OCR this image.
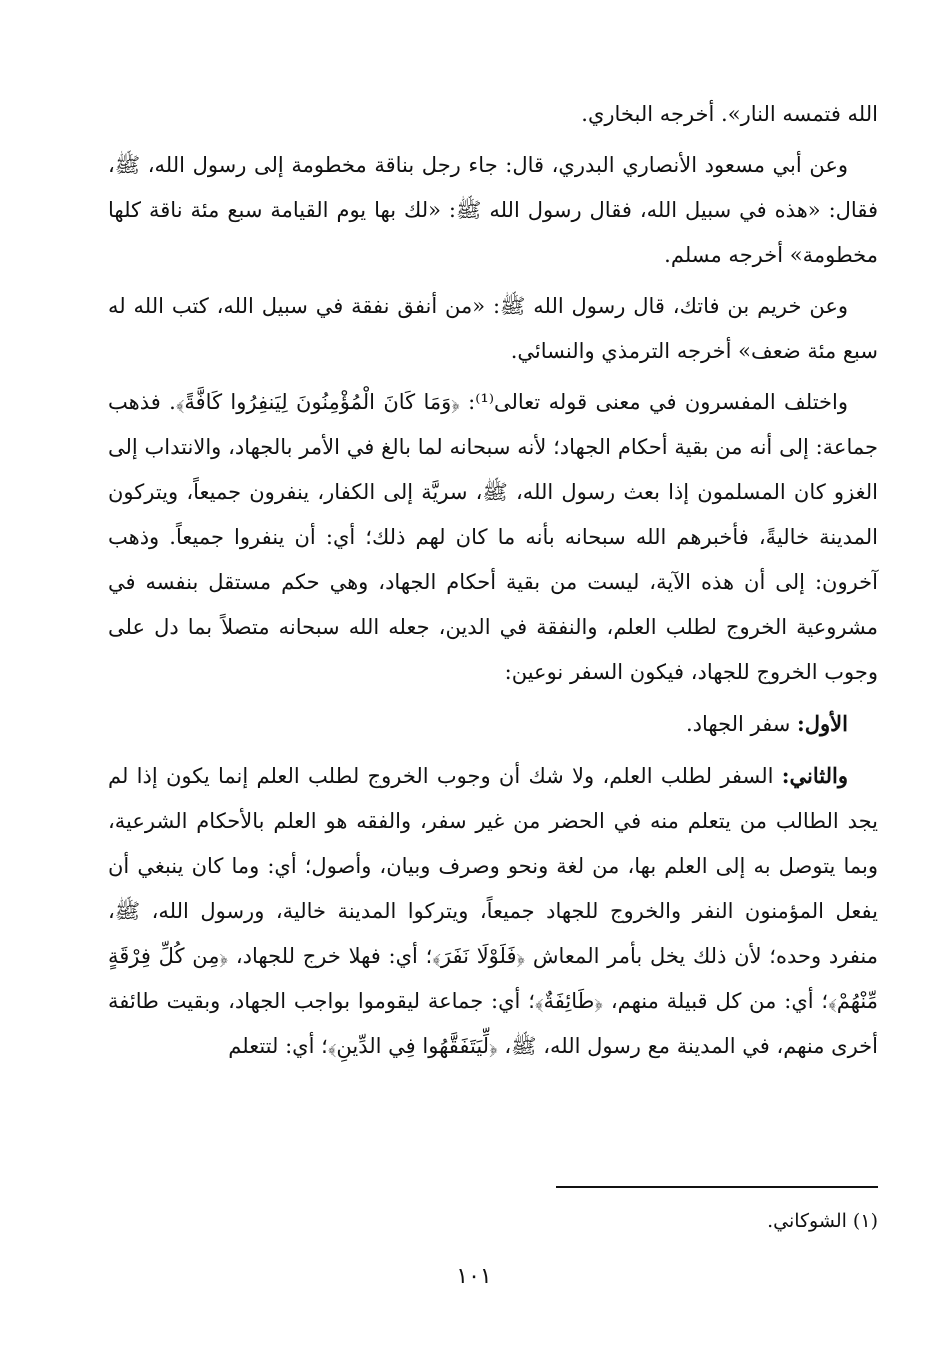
الله فتمسه النار». أخرجه البخاري.

وعن أبي مسعود الأنصاري البدري، قال: جاء رجل بناقة مخطومة إلى رسول الله، ﷺ، فقال: «هذه في سبيل الله، فقال رسول الله ﷺ: «لك بها يوم القيامة سبع مئة ناقة كلها مخطومة» أخرجه مسلم.

وعن خريم بن فاتك، قال رسول الله ﷺ: «من أنفق نفقة في سبيل الله، كتب الله له سبع مئة ضعف» أخرجه الترمذي والنسائي.

واختلف المفسرون في معنى قوله تعالى⁽¹⁾: ﴿وَمَا كَانَ الْمُؤْمِنُونَ لِيَنفِرُوا كَافَّةً﴾. فذهب جماعة: إلى أنه من بقية أحكام الجهاد؛ لأنه سبحانه لما بالغ في الأمر بالجهاد، والانتداب إلى الغزو كان المسلمون إذا بعث رسول الله، ﷺ، سريَّة إلى الكفار، ينفرون جميعاً، ويتركون المدينة خاليةً، فأخبرهم الله سبحانه بأنه ما كان لهم ذلك؛ أي: أن ينفروا جميعاً. وذهب آخرون: إلى أن هذه الآية، ليست من بقية أحكام الجهاد، وهي حكم مستقل بنفسه في مشروعية الخروج لطلب العلم، والنفقة في الدين، جعله الله سبحانه متصلاً بما دل على وجوب الخروج للجهاد، فيكون السفر نوعين:

الأول: سفر الجهاد.

والثاني: السفر لطلب العلم، ولا شك أن وجوب الخروج لطلب العلم إنما يكون إذا لم يجد الطالب من يتعلم منه في الحضر من غير سفر، والفقه هو العلم بالأحكام الشرعية، وبما يتوصل به إلى العلم بها، من لغة ونحو وصرف وبيان، وأصول؛ أي: وما كان ينبغي أن يفعل المؤمنون النفر والخروج للجهاد جميعاً، ويتركوا المدينة خالية، ورسول الله، ﷺ، منفرد وحده؛ لأن ذلك يخل بأمر المعاش ﴿فَلَوْلَا نَفَرَ﴾؛ أي: فهلا خرج للجهاد، ﴿مِن كُلِّ فِرْقَةٍ مِّنْهُمْ﴾؛ أي: من كل قبيلة منهم، ﴿طَائِفَةٌ﴾؛ أي: جماعة ليقوموا بواجب الجهاد، وبقيت طائفة أخرى منهم، في المدينة مع رسول الله، ﷺ، ﴿لِّيَتَفَقَّهُوا فِي الدِّينِ﴾؛ أي: لتتعلم

(١) الشوكاني.
١٠١
